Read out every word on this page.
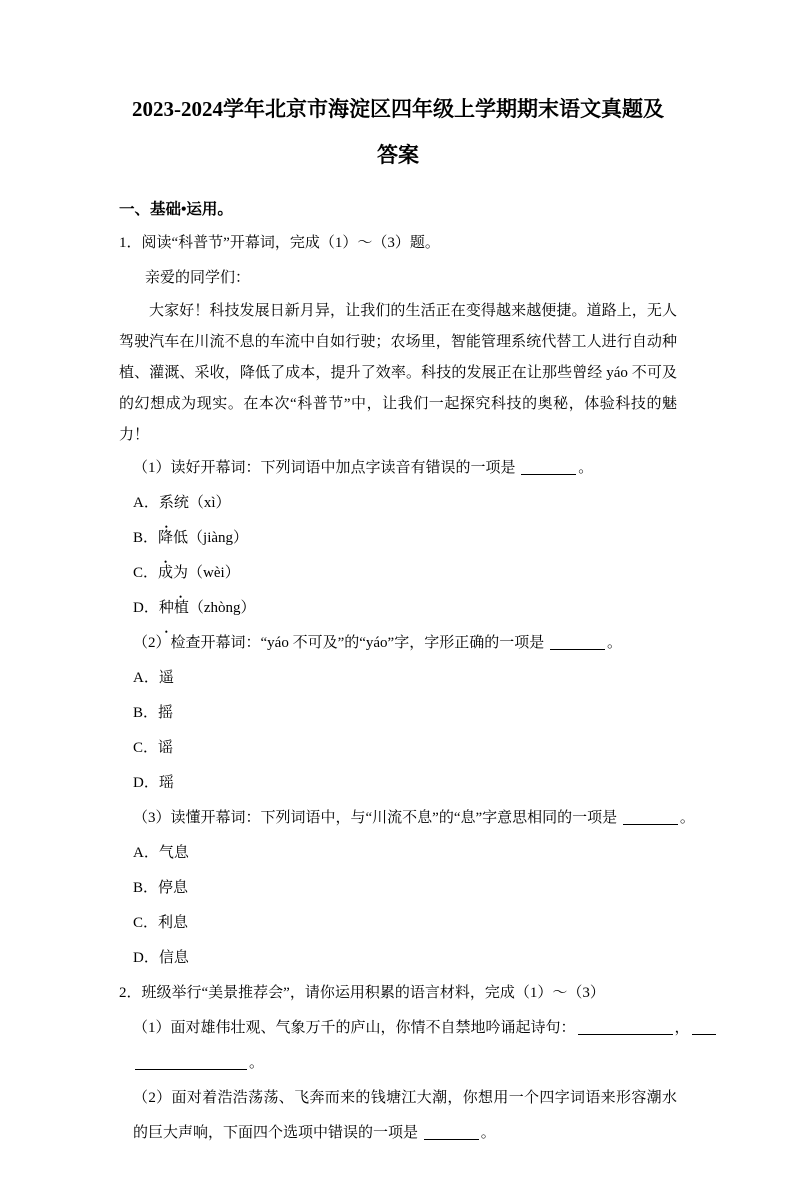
2023-2024学年北京市海淀区四年级上学期期末语文真题及
答案

一、基础•运用。

1．阅读“科普节”开幕词，完成（1）～（3）题。

亲爱的同学们：

大家好！科技发展日新月异，让我们的生活正在变得越来越便捷。道路上，无人驾驶汽车在川流不息的车流中自如行驶；农场里，智能管理系统代替工人进行自动种植、灌溉、采收，降低了成本，提升了效率。科技的发展正在让那些曾经 yáo 不可及的幻想成为现实。在本次“科普节”中，让我们一起探究科技的奥秘，体验科技的魅力！

（1）读好开幕词：下列词语中加点字读音有错误的一项是	。

A．系统（xì）

B．降低（jiàng）

C．成为（wèi）

D．种植（zhòng）

（2）检查开幕词：“yáo 不可及”的“yáo”字，字形正确的一项是	。

A．遥

B．摇

C．谣

D．瑶

（3）读懂开幕词：下列词语中，与“川流不息”的“息”字意思相同的一项是	。

A．气息

B．停息

C．利息

D．信息

2．班级举行“美景推荐会”，请你运用积累的语言材料，完成（1）～（3）

（1）面对雄伟壮观、气象万千的庐山，你情不自禁地吟诵起诗句：	，

。

（2）面对着浩浩荡荡、飞奔而来的钱塘江大潮，你想用一个四字词语来形容潮水的巨大声响，下面四个选项中错误的一项是	。
